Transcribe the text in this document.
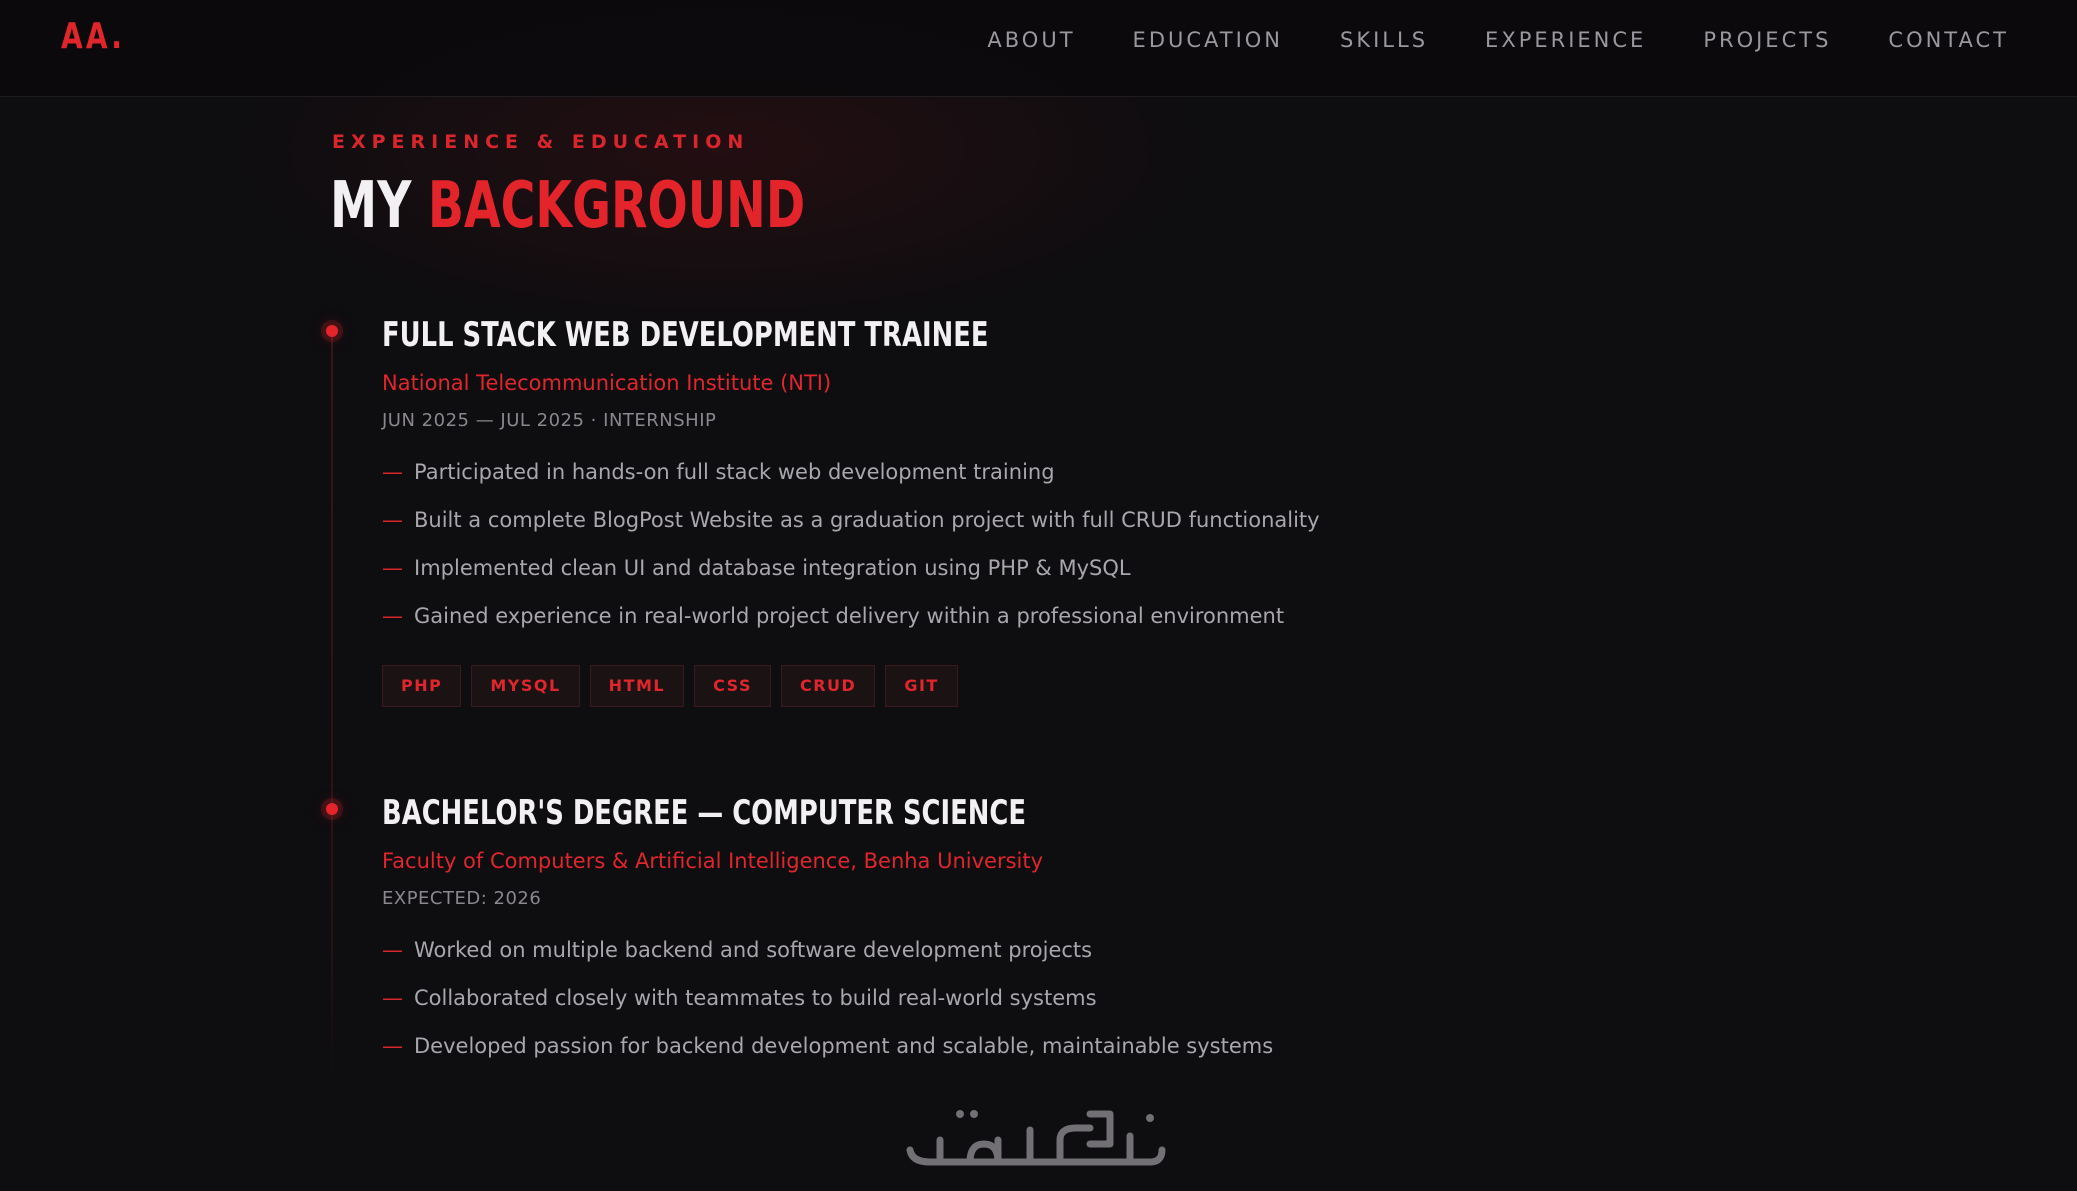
AA.	ABOUT	EDUCATION	SKILLS	EXPERIENCE	PROJECTS	CONTACT
EXPERIENCE & EDUCATION
MY BACKGROUND
FULL STACK WEB DEVELOPMENT TRAINEE
National Telecommunication Institute (NTI)
JUN 2025 — JUL 2025 · INTERNSHIP
— Participated in hands-on full stack web development training
— Built a complete BlogPost Website as a graduation project with full CRUD functionality
— Implemented clean UI and database integration using PHP & MySQL
— Gained experience in real-world project delivery within a professional environment
PHP	MYSQL	HTML	CSS	CRUD	GIT
BACHELOR'S DEGREE — COMPUTER SCIENCE
Faculty of Computers & Artificial Intelligence, Benha University
EXPECTED: 2026
— Worked on multiple backend and software development projects
— Collaborated closely with teammates to build real-world systems
— Developed passion for backend development and scalable, maintainable systems
